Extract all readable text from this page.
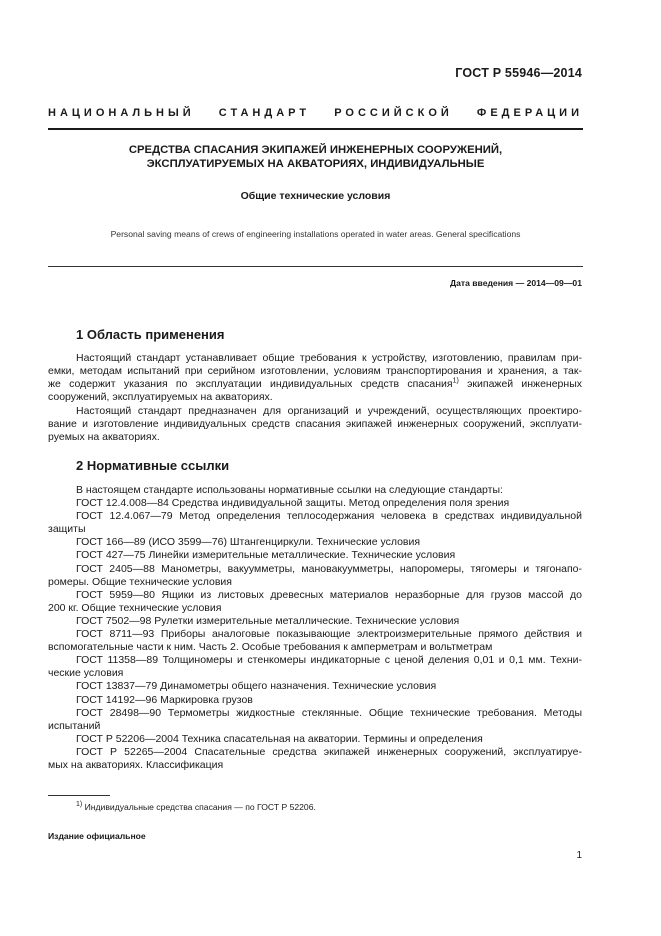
ГОСТ Р 55946—2014
НАЦИОНАЛЬНЫЙ СТАНДАРТ РОССИЙСКОЙ ФЕДЕРАЦИИ
СРЕДСТВА СПАСАНИЯ ЭКИПАЖЕЙ ИНЖЕНЕРНЫХ СООРУЖЕНИЙ,
ЭКСПЛУАТИРУЕМЫХ НА АКВАТОРИЯХ, ИНДИВИДУАЛЬНЫЕ
Общие технические условия
Personal saving means of crews of engineering installations operated in water areas. General specifications
Дата введения — 2014—09—01
1 Область применения
Настоящий стандарт устанавливает общие требования к устройству, изготовлению, правилам при-
емки, методам испытаний при серийном изготовлении, условиям транспортирования и хранения, а так-
же содержит указания по эксплуатации индивидуальных средств спасания$^{1)}$ экипажей инженерных
сооружений, эксплуатируемых на акваториях.
Настоящий стандарт предназначен для организаций и учреждений, осуществляющих проектиро-
вание и изготовление индивидуальных средств спасания экипажей инженерных сооружений, эксплуати-
руемых на акваториях.
2 Нормативные ссылки
В настоящем стандарте использованы нормативные ссылки на следующие стандарты:
ГОСТ 12.4.008—84 Средства индивидуальной защиты. Метод определения поля зрения
ГОСТ 12.4.067—79 Метод определения теплосодержания человека в средствах индивидуальной
защиты
ГОСТ 166—89 (ИСО 3599—76) Штангенциркули. Технические условия
ГОСТ 427—75 Линейки измерительные металлические. Технические условия
ГОСТ 2405—88 Манометры, вакуумметры, мановакуумметры, напоромеры, тягомеры и тягонапо-
ромеры. Общие технические условия
ГОСТ 5959—80 Ящики из листовых древесных материалов неразборные для грузов массой до
200 кг. Общие технические условия
ГОСТ 7502—98 Рулетки измерительные металлические. Технические условия
ГОСТ 8711—93 Приборы аналоговые показывающие электроизмерительные прямого действия и
вспомогательные части к ним. Часть 2. Особые требования к амперметрам и вольтметрам
ГОСТ 11358—89 Толщиномеры и стенкомеры индикаторные с ценой деления 0,01 и 0,1 мм. Техни-
ческие условия
ГОСТ 13837—79 Динамометры общего назначения. Технические условия
ГОСТ 14192—96 Маркировка грузов
ГОСТ 28498—90 Термометры жидкостные стеклянные. Общие технические требования. Методы
испытаний
ГОСТ Р 52206—2004 Техника спасательная на акватории. Термины и определения
ГОСТ Р 52265—2004 Спасательные средства экипажей инженерных сооружений, эксплуатируе-
мых на акваториях. Классификация
$^{1)}$ Индивидуальные средства спасания — по ГОСТ Р 52206.
Издание официальное
1
